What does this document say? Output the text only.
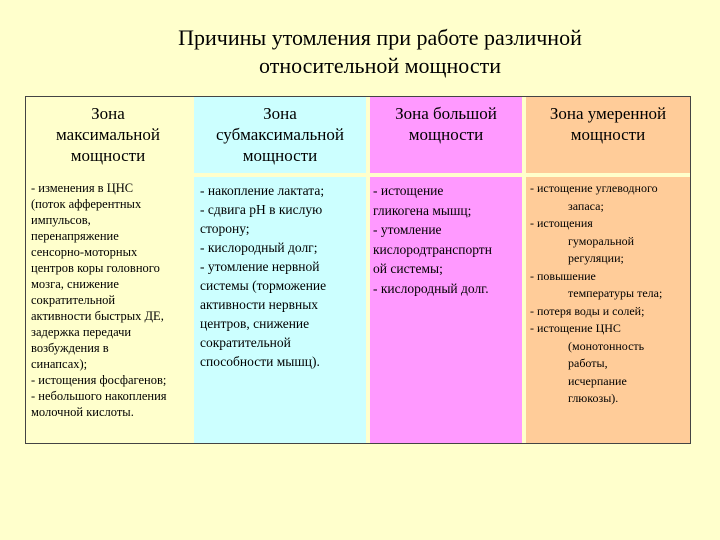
Причины утомления при работе различной
относительной мощности
Зона
максимальной
мощности

- изменения в ЦНС

(поток афферентных

импульсов,

перенапряжение

сенсорно-моторных

центров коры головного

мозга, снижение

сократительной

активности быстрых ДЕ,

задержка передачи

возбуждения в

синапсах);

- истощения фосфагенов;

- небольшого накопления

молочной кислоты.

Зона
субмаксимальной
мощности

- накопление лактата;

- сдвига рН в кислую

сторону;

- кислородный долг;

- утомление нервной

системы (торможение

активности нервных

центров, снижение

сократительной

способности мышц).

Зона большой
мощности

- истощение

гликогена мышц;

- утомление

кислородтранспортн

ой системы;

- кислородный долг.

Зона умеренной
мощности

- истощение углеводного

запаса;

- истощения

гуморальной

регуляции;

- повышение

температуры тела;

- потеря воды и солей;

- истощение ЦНС

(монотонность

работы,

исчерпание

глюкозы).
